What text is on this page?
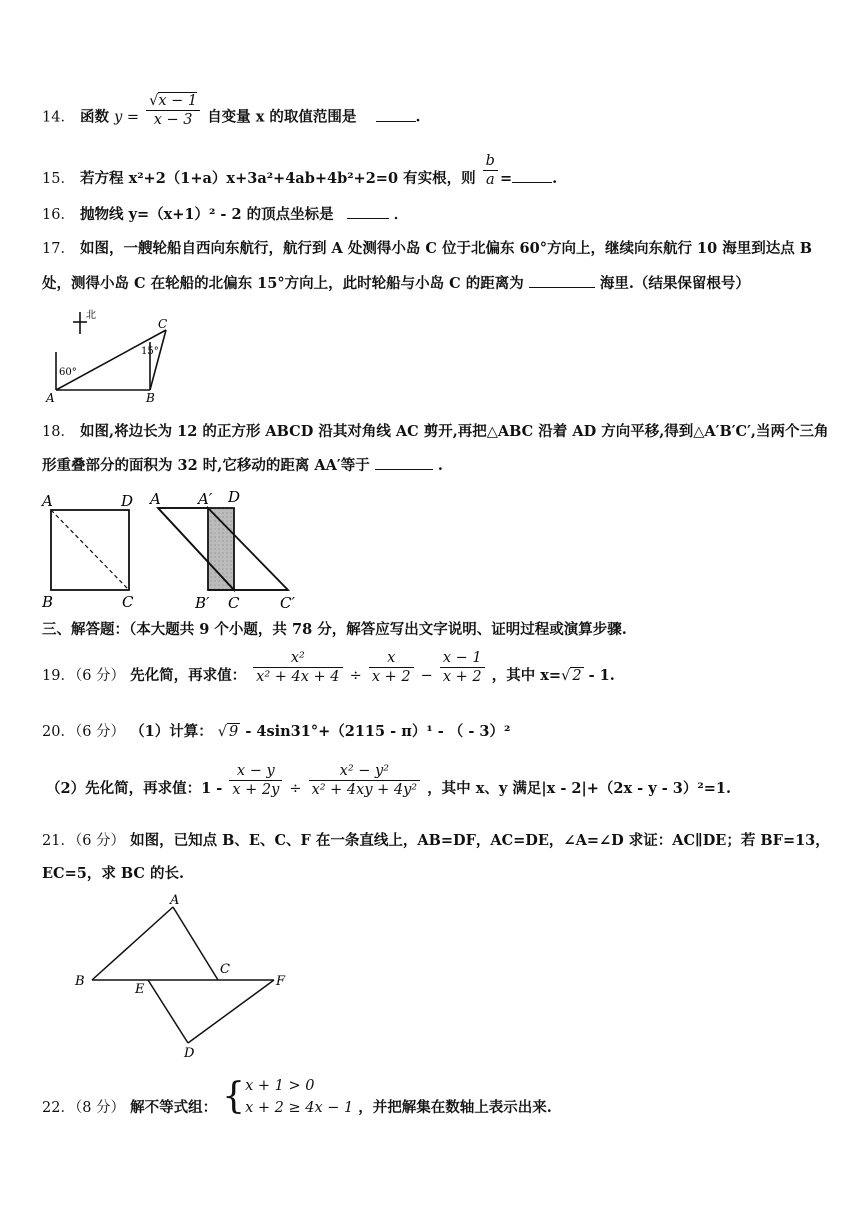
14． 函数 $y = \frac{√x - 1}{x - 3}$ 自变量 x 的取值范围是	.
15． 若方程 x²+2（1+a）x+3a²+4ab+4b²+2=0 有实根，则 $\frac{b}{a}$ =	.
16． 抛物线 y=（x+1）² - 2 的顶点坐标是	．
17． 如图，一艘轮船自西向东航行，航行到 A 处测得小岛 C 位于北偏东 60°方向上，继续向东航行 10 海里到达点 B
处，测得小岛 C 在轮船的北偏东 15°方向上，此时轮船与小岛 C 的距离为	海里.（结果保留根号）
北
C
A	B
60°
15°
18． 如图,将边长为 12 的正方形 ABCD 沿其对角线 AC 剪开,再把△ABC 沿着 AD 方向平移,得到△A′B′C′,当两个三角
形重叠部分的面积为 32 时,它移动的距离 AA′等于	.
A	D
B	C
A A′ D
B′ C	C′
三、解答题：（本大题共 9 个小题，共 78 分，解答应写出文字说明、证明过程或演算步骤.
19．（6 分） 先化简，再求值： $\frac{\text{x²}}{\text{x² + 4x + 4}} \div \frac{x}{x + 2} - \frac{x - 1}{x + 2}$ ，其中 x=√ 2 - 1.
20．（6 分） （1）计算： √ 9 - 4sin31°+（2115 - π）¹ - （ - 3）²
（2）先化简，再求值：$1 - \frac{x - y}{x + 2y} \div \frac{\text{x² − y²}}{\text{x² + 4xy + 4y²}}$ ，其中 x、y 满足|x - 2|+（2x - y - 3）²=1.
21．（6 分） 如图，已知点 B、E、C、F 在一条直线上，AB=DF，AC=DE，∠A=∠D 求证：AC∥DE；若 BF=13，
EC=5，求 BC 的长.
A
B
C
E
F
D
22．（8 分） 解不等式组： { x + 1 > 0
x + 2 ≥ 4x − 1 ，并把解集在数轴上表示出来.
